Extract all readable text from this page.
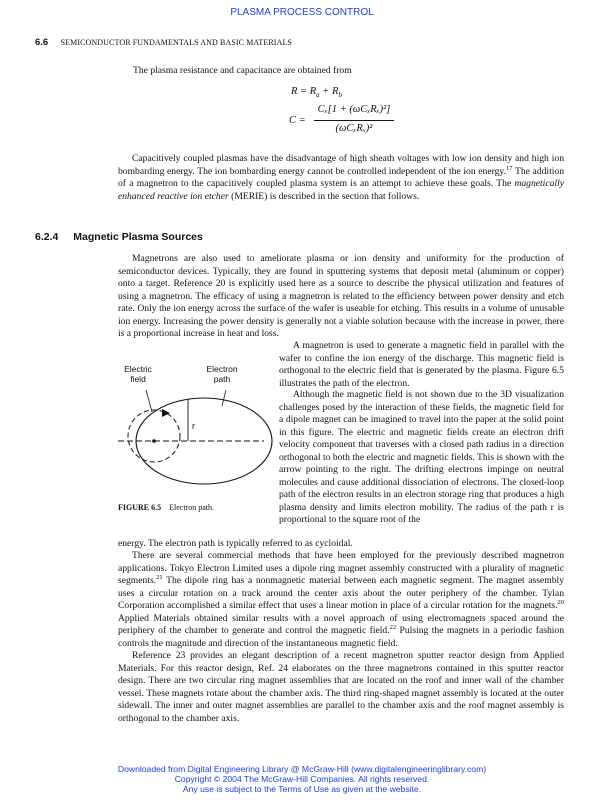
PLASMA PROCESS CONTROL
6.6 SEMICONDUCTOR FUNDAMENTALS AND BASIC MATERIALS
The plasma resistance and capacitance are obtained from
$R = R_a + R_b$
C =
Cₓ[1 + (ωCₓRₓ)²]
(ωCₓRₓ)²
Capacitively coupled plasmas have the disadvantage of high sheath voltages with low ion density and high ion bombarding energy. The ion bombarding energy cannot be controlled independent of the ion energy.$^{17}$ The addition of a magnetron to the capacitively coupled plasma system is an attempt to achieve these goals. The magnetically enhanced reactive ion etcher (MERIE) is described in the section that follows.
6.2.4 Magnetic Plasma Sources
Magnetrons are also used to ameliorate plasma or ion density and uniformity for the production of semiconductor devices. Typically, they are found in sputtering systems that deposit metal (aluminum or copper) onto a target. Reference 20 is explicitly used here as a source to describe the physical utilization and features of using a magnetron. The efficacy of using a magnetron is related to the efficiency between power density and etch rate. Only the ion energy across the surface of the wafer is useable for etching. This results in a volume of unusable ion energy. Increasing the power density is generally not a viable solution because with the increase in power, there is a proportional increase in heat and loss.
Electric field
Electron path
r
FIGURE 6.5 Electron path.
A magnetron is used to generate a magnetic field in parallel with the wafer to confine the ion energy of the discharge. This magnetic field is orthogonal to the electric field that is generated by the plasma. Figure 6.5 illustrates the path of the electron.
Although the magnetic field is not shown due to the 3D visualization challenges posed by the interaction of these fields, the magnetic field for a dipole magnet can be imagined to travel into the paper at the solid point in this figure. The electric and magnetic fields create an electron drift velocity component that traverses with a closed path radius in a direction orthogonal to both the electric and magnetic fields. This is shown with the arrow pointing to the right. The drifting electrons impinge on neutral molecules and cause additional dissociation of electrons. The closed-loop path of the electron results in an electron storage ring that produces a high plasma density and limits electron mobility. The radius of the path r is proportional to the square root of the
energy. The electron path is typically referred to as cycloidal.
There are several commercial methods that have been employed for the previously described magnetron applications. Tokyo Electron Limited uses a dipole ring magnet assembly constructed with a plurality of magnetic segments.$^{21}$ The dipole ring has a nonmagnetic material between each magnetic segment. The magnet assembly uses a circular rotation on a track around the center axis about the outer periphery of the chamber. Tylan Corporation accomplished a similar effect that uses a linear motion in place of a circular rotation for the magnets.$^{20}$ Applied Materials obtained similar results with a novel approach of using electromagnets spaced around the periphery of the chamber to generate and control the magnetic field.$^{22}$ Pulsing the magnets in a periodic fashion controls the magnitude and direction of the instantaneous magnetic field.
Reference 23 provides an elegant description of a recent magnetron sputter reactor design from Applied Materials. For this reactor design, Ref. 24 elaborates on the three magnetrons contained in this sputter reactor design. There are two circular ring magnet assemblies that are located on the roof and inner wall of the chamber vessel. These magnets rotate about the chamber axis. The third ring-shaped magnet assembly is located at the outer sidewall. The inner and outer magnet assemblies are parallel to the chamber axis and the roof magnet assembly is orthogonal to the chamber axis.
Downloaded from Digital Engineering Library @ McGraw-Hill (www.digitalengineeringlibrary.com)
Copyright © 2004 The McGraw-Hill Companies. All rights reserved.
Any use is subject to the Terms of Use as given at the website.
